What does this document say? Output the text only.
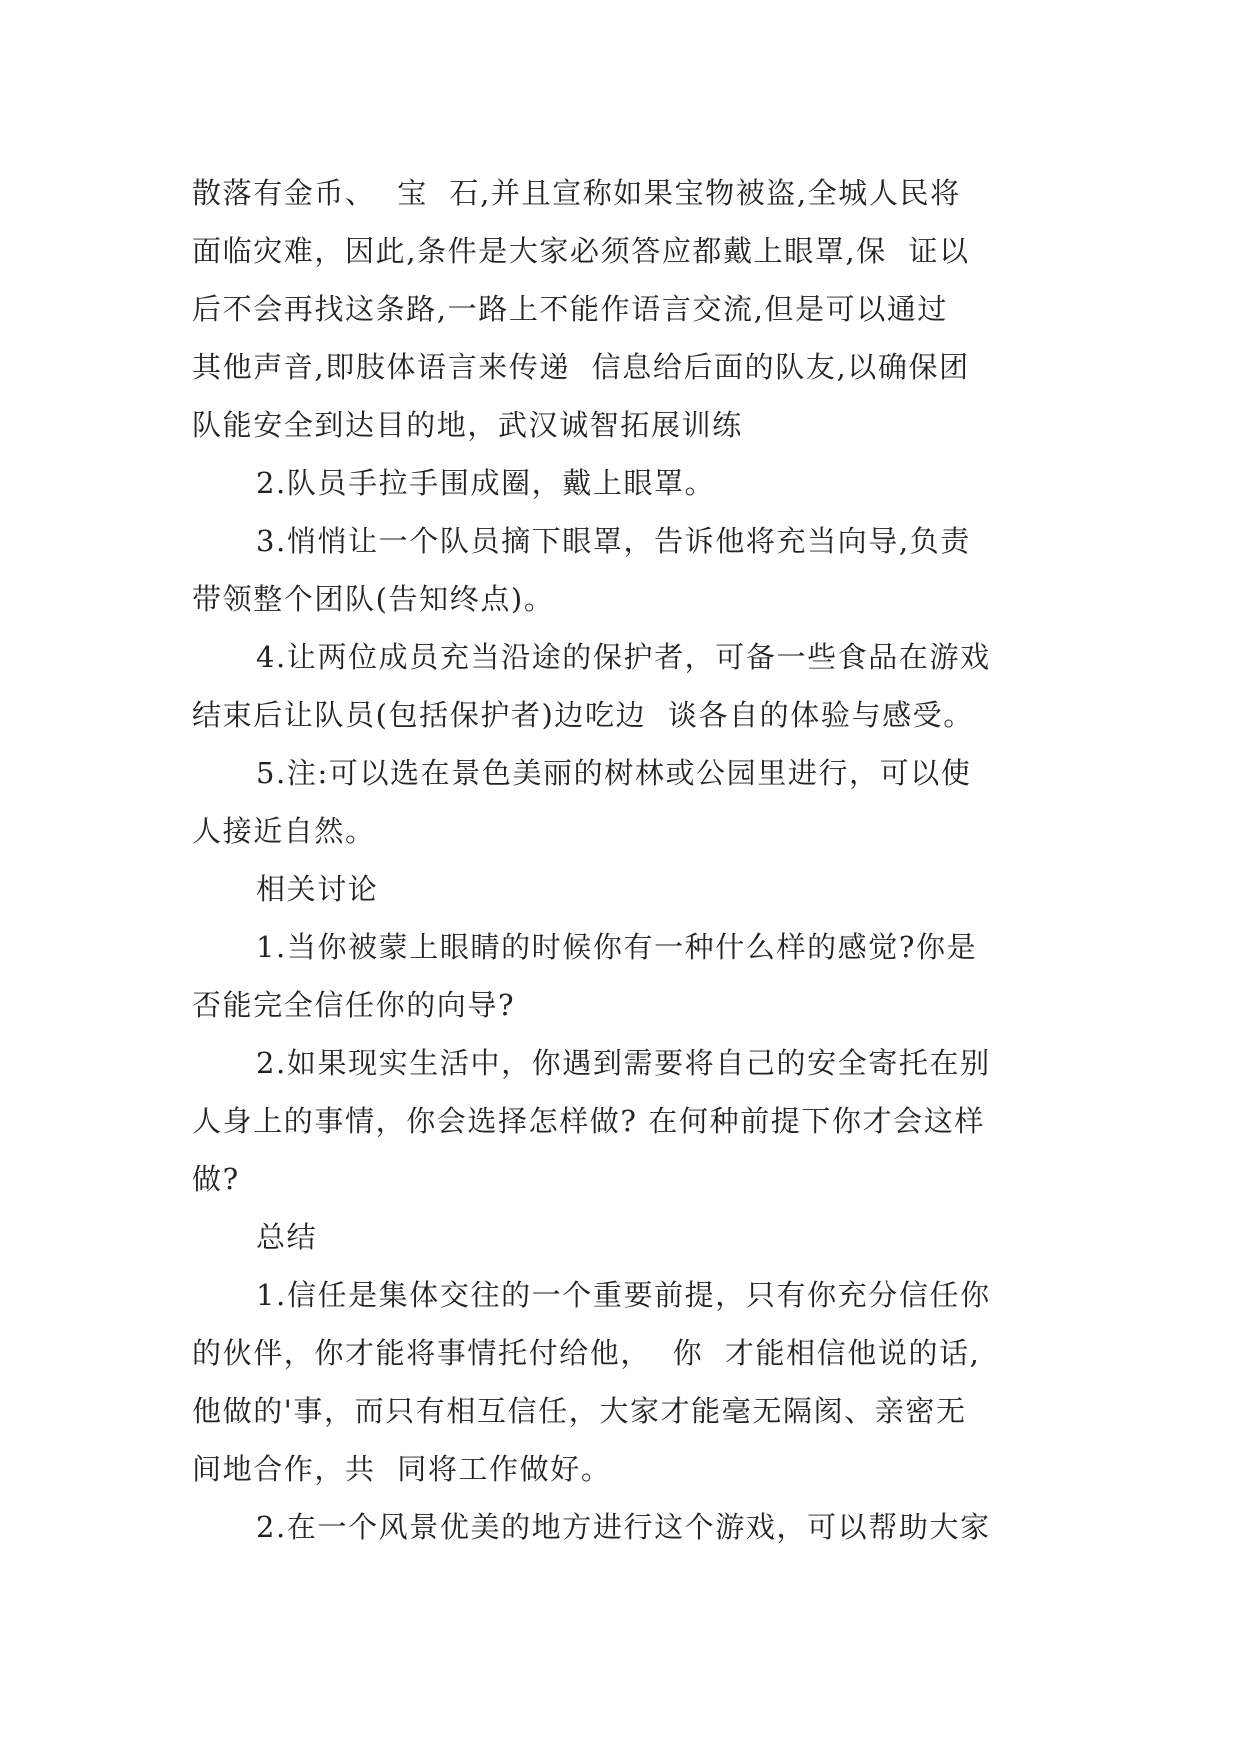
散落有金币、  宝  石,并且宣称如果宝物被盗,全城人民将
面临灾难，因此,条件是大家必须答应都戴上眼罩,保  证以
后不会再找这条路,一路上不能作语言交流,但是可以通过
其他声音,即肢体语言来传递  信息给后面的队友,以确保团
队能安全到达目的地，武汉诚智拓展训练
2.队员手拉手围成圈，戴上眼罩。
3.悄悄让一个队员摘下眼罩，告诉他将充当向导,负责
带领整个团队(告知终点)。
4.让两位成员充当沿途的保护者，可备一些食品在游戏
结束后让队员(包括保护者)边吃边  谈各自的体验与感受。
5.注:可以选在景色美丽的树林或公园里进行，可以使
人接近自然。
相关讨论
1.当你被蒙上眼睛的时候你有一种什么样的感觉?你是
否能完全信任你的向导?
2.如果现实生活中，你遇到需要将自己的安全寄托在别
人身上的事情，你会选择怎样做? 在何种前提下你才会这样
做?
总结
1.信任是集体交往的一个重要前提，只有你充分信任你
的伙伴，你才能将事情托付给他，  你  才能相信他说的话,
他做的'事，而只有相互信任，大家才能毫无隔阂、亲密无
间地合作，共  同将工作做好。
2.在一个风景优美的地方进行这个游戏，可以帮助大家
